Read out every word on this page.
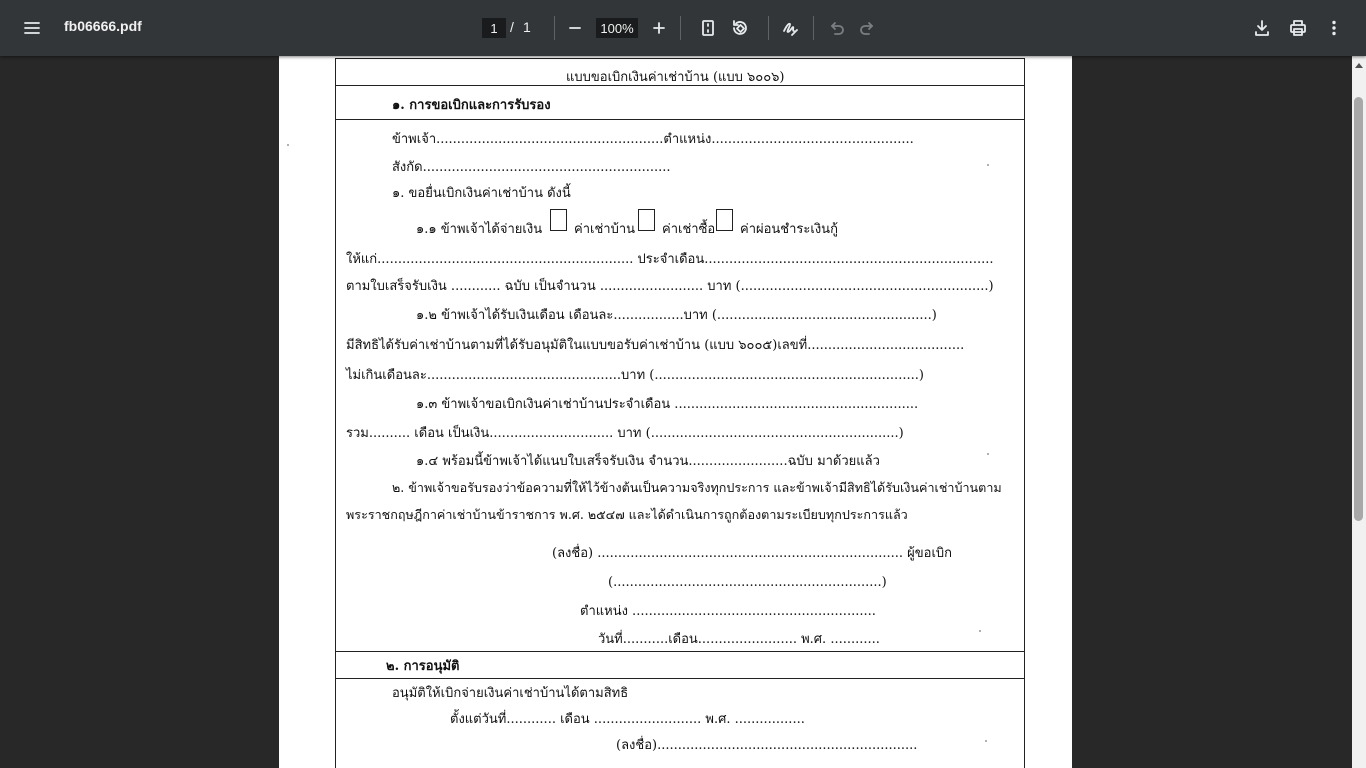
fb06666.pdf
1	/ 1
100%
แบบขอเบิกเงินค่าเช่าบ้าน (แบบ ๖๐๐๖)
๑. การขอเบิกและการรับรอง
ข้าพเจ้า.......................................................ตำแหน่ง.................................................
สังกัด............................................................
๑. ขอยื่นเบิกเงินค่าเช่าบ้าน ดังนี้
๑.๑ ข้าพเจ้าได้จ่ายเงิน ค่าเช่าบ้าน ค่าเช่าซื้อ ค่าผ่อนชำระเงินกู้
ให้แก่.............................................................. ประจำเดือน......................................................................
ตามใบเสร็จรับเงิน ............ ฉบับ เป็นจำนวน ......................... บาท (............................................................)
๑.๒ ข้าพเจ้าได้รับเงินเดือน เดือนละ.................บาท (....................................................)
มีสิทธิได้รับค่าเช่าบ้านตามที่ได้รับอนุมัติในแบบขอรับค่าเช่าบ้าน (แบบ ๖๐๐๕)เลขที่......................................
ไม่เกินเดือนละ...............................................บาท (................................................................)
๑.๓ ข้าพเจ้าขอเบิกเงินค่าเช่าบ้านประจำเดือน ...........................................................
รวม.......... เดือน เป็นเงิน.............................. บาท (............................................................)
๑.๔ พร้อมนี้ข้าพเจ้าได้แนบใบเสร็จรับเงิน จำนวน........................ฉบับ มาด้วยแล้ว
๒. ข้าพเจ้าขอรับรองว่าข้อความที่ให้ไว้ข้างต้นเป็นความจริงทุกประการ และข้าพเจ้ามีสิทธิได้รับเงินค่าเช่าบ้านตาม
พระราชกฤษฎีกาค่าเช่าบ้านข้าราชการ พ.ศ. ๒๕๔๗ และได้ดำเนินการถูกต้องตามระเบียบทุกประการแล้ว
(ลงชื่อ) .......................................................................... ผู้ขอเบิก
(.................................................................)
ตำแหน่ง ...........................................................
วันที่...........เดือน........................ พ.ศ. ............
๒. การอนุมัติ
อนุมัติให้เบิกจ่ายเงินค่าเช่าบ้านได้ตามสิทธิ
ตั้งแต่วันที่............ เดือน .......................... พ.ศ. .................
(ลงชื่อ)...............................................................
